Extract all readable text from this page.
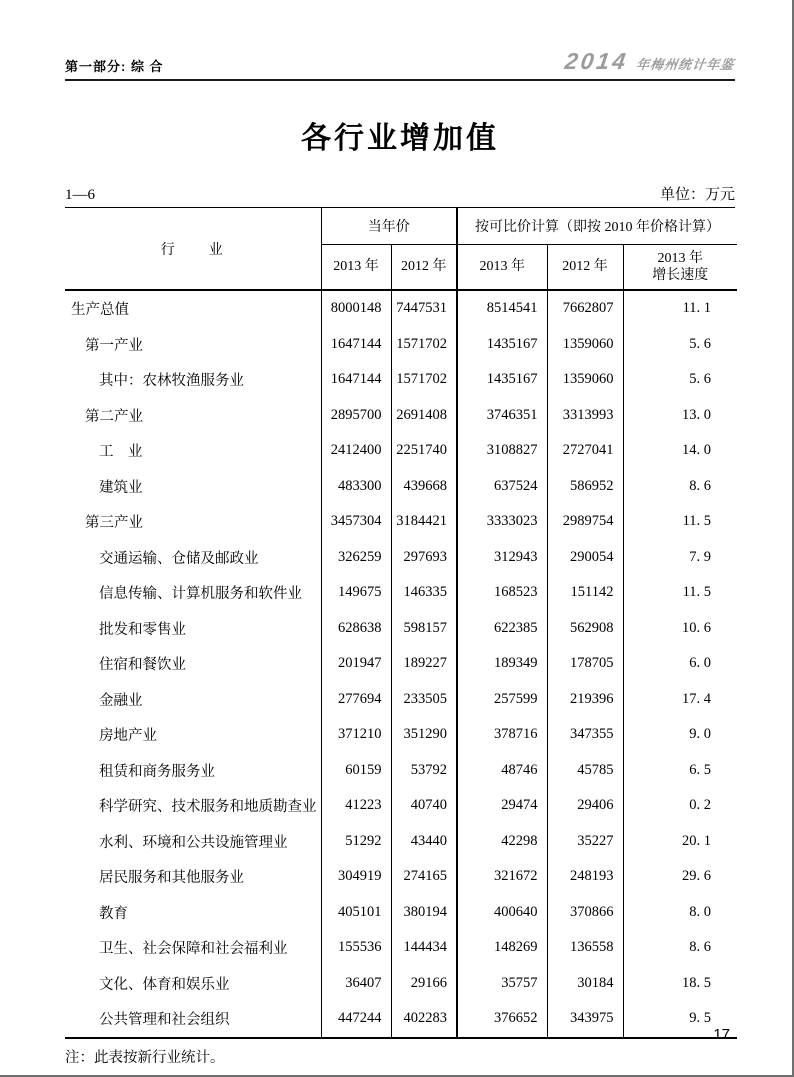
第一部分: 综 合	2014 年梅州统计年鉴
各行业增加值
1—6	单位：万元
行　　业	当年价		按可比价计算（即按 2010 年价格计算）		
	2013 年	2012 年	2013 年	2012 年	2013 年
增长速度
生产总值	8000148	7447531	8514541	7662807	11. 1
第一产业	1647144	1571702	1435167	1359060	5. 6
其中：农林牧渔服务业	1647144	1571702	1435167	1359060	5. 6
第二产业	2895700	2691408	3746351	3313993	13. 0
工　业	2412400	2251740	3108827	2727041	14. 0
建筑业	483300	439668	637524	586952	8. 6
第三产业	3457304	3184421	3333023	2989754	11. 5
交通运输、仓储及邮政业	326259	297693	312943	290054	7. 9
信息传输、计算机服务和软件业	149675	146335	168523	151142	11. 5
批发和零售业	628638	598157	622385	562908	10. 6
住宿和餐饮业	201947	189227	189349	178705	6. 0
金融业	277694	233505	257599	219396	17. 4
房地产业	371210	351290	378716	347355	9. 0
租赁和商务服务业	60159	53792	48746	45785	6. 5
科学研究、技术服务和地质勘查业	41223	40740	29474	29406	0. 2
水利、环境和公共设施管理业	51292	43440	42298	35227	20. 1
居民服务和其他服务业	304919	274165	321672	248193	29. 6
教育	405101	380194	400640	370866	8. 0
卫生、社会保障和社会福利业	155536	144434	148269	136558	8. 6
文化、体育和娱乐业	36407	29166	35757	30184	18. 5
公共管理和社会组织	447244	402283	376652	343975	9. 5
注：此表按新行业统计。
17
